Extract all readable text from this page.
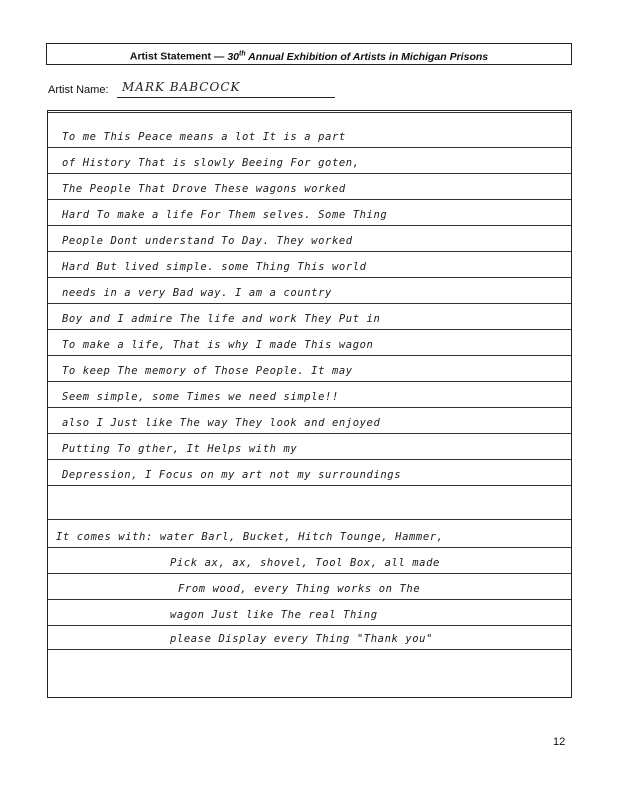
Artist Statement — 30th Annual Exhibition of Artists in Michigan Prisons
Artist Name: MARK BABCOCK
To me This Peace means a lot It is a part
of History That is slowly Beeing For goten,
The People That Drove These wagons worked
Hard To make a life For Them selves. Some Thing
People Dont understand To Day. They worked
Hard But lived simple. some Thing This world
needs in a very Bad way. I am a country
Boy and I admire The life and work They Put in
To make a life, That is why I made This wagon
To keep The memory of Those People. It may
Seem simple, some Times we need simple!!
also I Just like The way They look and enjoyed
Putting To gther, It Helps with my
Depression, I Focus on my art not my surroundings
It comes with: water Barl, Bucket, Hitch Tounge, Hammer,
Pick ax, ax, shovel, Tool Box, all made
From wood, every Thing works on The
wagon Just like The real Thing
please Display every Thing "Thank you"
12
